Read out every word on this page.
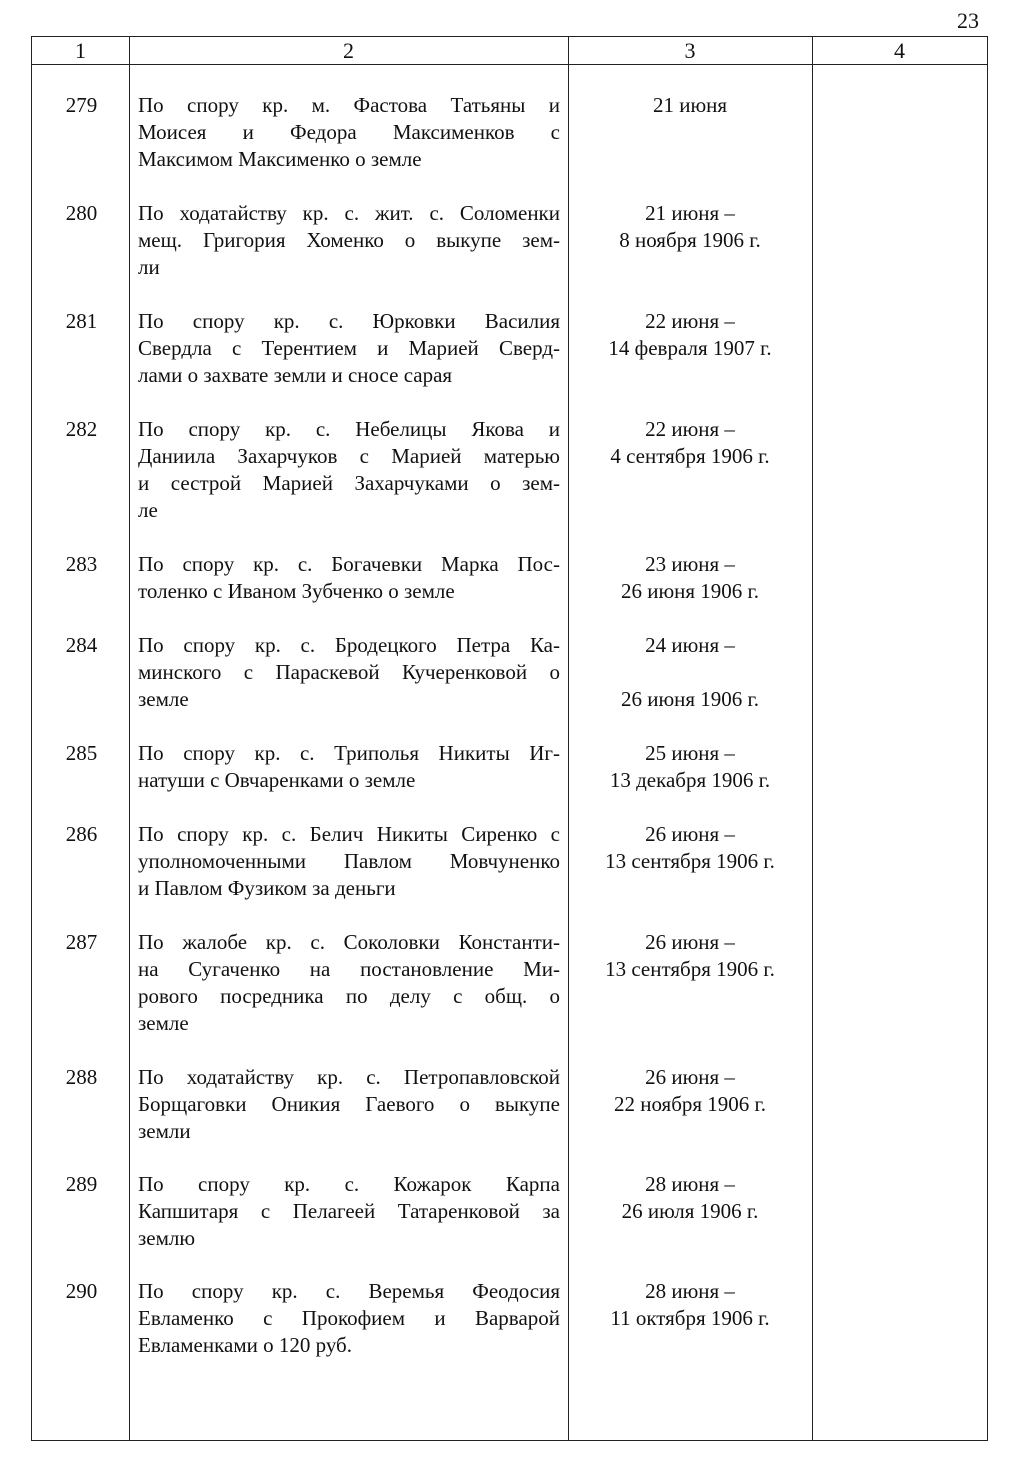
23
1	2	3	4
279	По спору кр. м. Фастова Татьяны и
Моисея и Федора Максименков с
Максимом Максименко о земле
21 июня
280	По ходатайству кр. с. жит. с. Соломенки
мещ. Григория Хоменко о выкупе зем-
ли
21 июня –
8 ноября 1906 г.
281	По спору кр. с. Юрковки Василия
Свердла с Терентием и Марией Сверд-
лами о захвате земли и сносе сарая
22 июня –
14 февраля 1907 г.
282	По спору кр. с. Небелицы Якова и
Даниила Захарчуков с Марией матерью
и сестрой Марией Захарчуками о зем-
ле
22 июня –
4 сентября 1906 г.
283	По спору кр. с. Богачевки Марка Пос-
толенко с Иваном Зубченко о земле
23 июня –
26 июня 1906 г.
284	По спору кр. с. Бродецкого Петра Ка-
минского с Параскевой Кучеренковой о
земле
24 июня –
26 июня 1906 г.
285	По спору кр. с. Триполья Никиты Иг-
натуши с Овчаренками о земле
25 июня –
13 декабря 1906 г.
286	По спору кр. с. Белич Никиты Сиренко с
уполномоченными Павлом Мовчуненко
и Павлом Фузиком за деньги
26 июня –
13 сентября 1906 г.
287	По жалобе кр. с. Соколовки Константи-
на Сугаченко на постановление Ми-
рового посредника по делу с общ. о
земле
26 июня –
13 сентября 1906 г.
288	По ходатайству кр. с. Петропавловской
Борщаговки Оникия Гаевого о выкупе
земли
26 июня –
22 ноября 1906 г.
289	По спору кр. с. Кожарок Карпа
Капшитаря с Пелагеей Татаренковой за
землю
28 июня –
26 июля 1906 г.
290	По спору кр. с. Веремья Феодосия
Евламенко с Прокофием и Варварой
Евламенками о 120 руб.
28 июня –
11 октября 1906 г.
